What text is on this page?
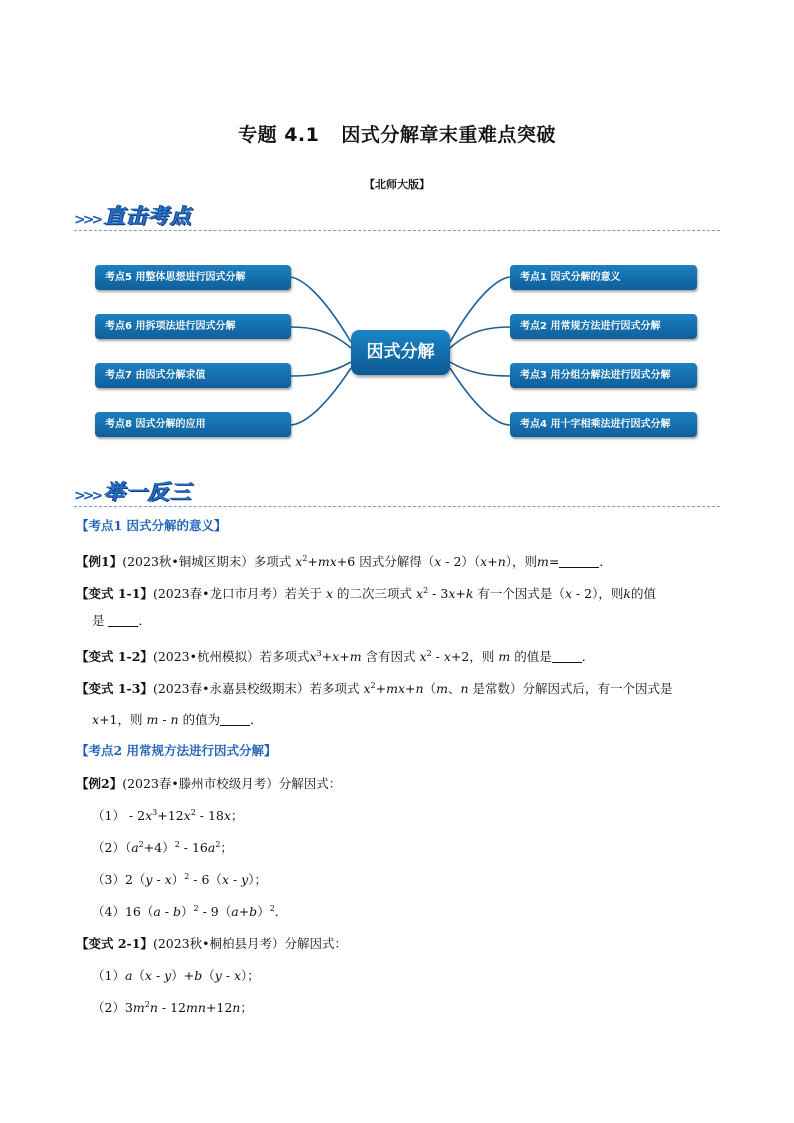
专题 4.1 因式分解章末重难点突破
【北师大版】
>>> 直击考点
考点5 用整体思想进行因式分解
考点6 用拆项法进行因式分解
考点7 由因式分解求值
考点8 因式分解的应用
考点1 因式分解的意义
考点2 用常规方法进行因式分解
考点3 用分组分解法进行因式分解
考点4 用十字相乘法进行因式分解
因式分解
>>> 举一反三
【考点1 因式分解的意义】
【例1】(2023秋•铜城区期末）多项式 $x^2+mx+6$ 因式分解得（x - 2）（x+n），则m=	．
【变式 1-1】(2023春•龙口市月考）若关于 x 的二次三项式 $x^2 - 3x+k$ 有一个因式是（x - 2），则k的值
是 ．
【变式 1-2】(2023•杭州模拟）若多项式$x^3+x+m$ 含有因式 $x^2 - x+2$，则 m 的值是 ．
【变式 1-3】(2023春•永嘉县校级期末）若多项式 $x^2+mx+n(m$、n 是常数）分解因式后，有一个因式是
x+1，则 m - n 的值为 ．
【考点2 用常规方法进行因式分解】
【例2】(2023春•滕州市校级月考）分解因式：
$(1) - 2x^3+12x^2 - 18x$；
$(2)(a^2+4)^2 - 16a^2$；
（3）2（y - x）$^2$ - 6（x - y）；
$(4)16(a - b)^2 - 9(a+b)^2$．
【变式 2-1】(2023秋•桐柏县月考）分解因式：
（1）a（x - y）+b（y - x）；
$(2)3m^2n - 12mn+12n$；
